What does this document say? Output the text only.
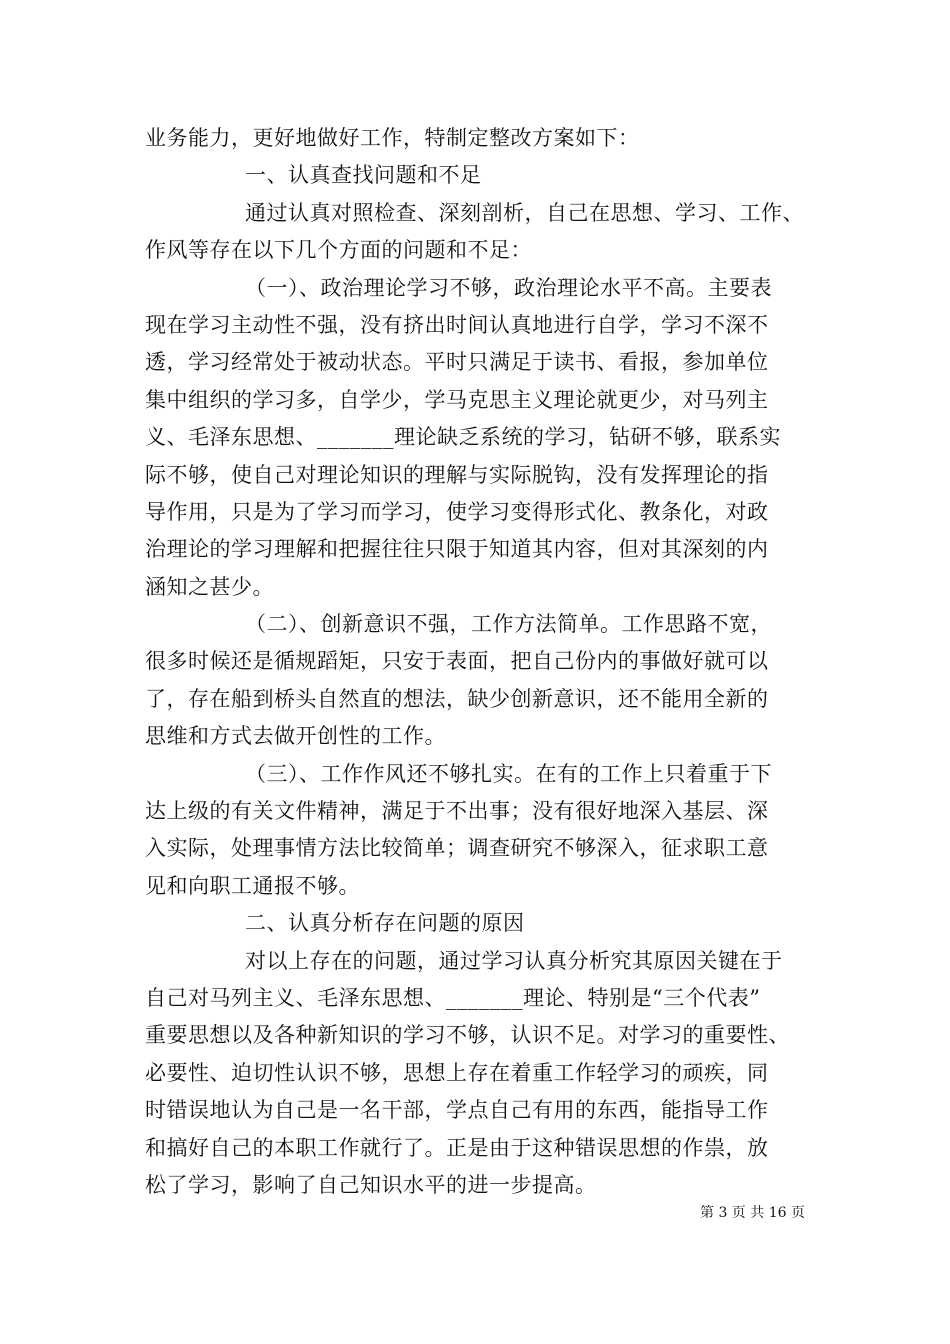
业务能力，更好地做好工作，特制定整改方案如下：
一、认真查找问题和不足
通过认真对照检查、深刻剖析，自己在思想、学习、工作、
作风等存在以下几个方面的问题和不足：
（一）、政治理论学习不够，政治理论水平不高。主要表
现在学习主动性不强，没有挤出时间认真地进行自学，学习不深不
透，学习经常处于被动状态。平时只满足于读书、看报，参加单位
集中组织的学习多，自学少，学马克思主义理论就更少，对马列主
义、毛泽东思想、_______理论缺乏系统的学习，钻研不够，联系实
际不够，使自己对理论知识的理解与实际脱钩，没有发挥理论的指
导作用，只是为了学习而学习，使学习变得形式化、教条化，对政
治理论的学习理解和把握往往只限于知道其内容，但对其深刻的内
涵知之甚少。
（二）、创新意识不强，工作方法简单。工作思路不宽，
很多时候还是循规蹈矩，只安于表面，把自己份内的事做好就可以
了，存在船到桥头自然直的想法，缺少创新意识，还不能用全新的
思维和方式去做开创性的工作。
（三）、工作作风还不够扎实。在有的工作上只着重于下
达上级的有关文件精神，满足于不出事；没有很好地深入基层、深
入实际，处理事情方法比较简单；调查研究不够深入，征求职工意
见和向职工通报不够。
二、认真分析存在问题的原因
对以上存在的问题，通过学习认真分析究其原因关键在于
自己对马列主义、毛泽东思想、_______理论、特别是“三个代表”
重要思想以及各种新知识的学习不够，认识不足。对学习的重要性、
必要性、迫切性认识不够，思想上存在着重工作轻学习的顽疾，同
时错误地认为自己是一名干部，学点自己有用的东西，能指导工作
和搞好自己的本职工作就行了。正是由于这种错误思想的作祟，放
松了学习，影响了自己知识水平的进一步提高。
第 3 页 共 16 页
